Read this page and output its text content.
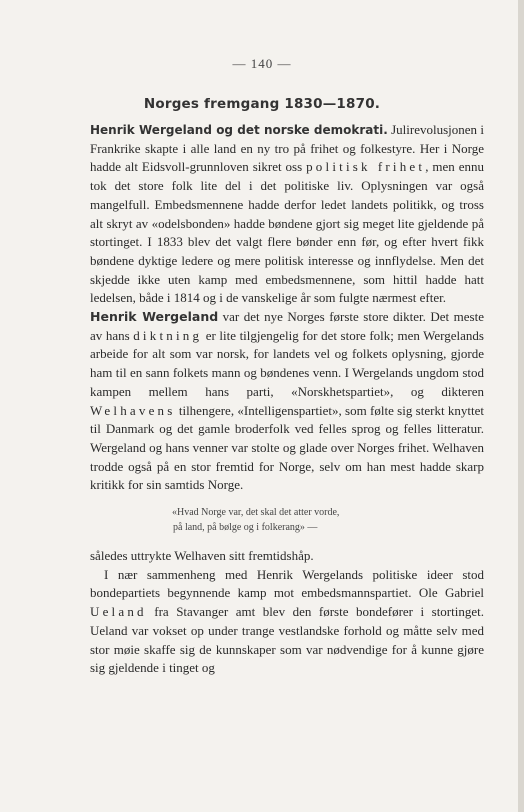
— 140 —
Norges fremgang 1830—1870.

Henrik Wergeland og det norske demokrati. Julirevolusjonen i Frankrike skapte i alle land en ny tro på frihet og folkestyre. Her i Norge hadde alt Eidsvoll-grunnloven sikret oss politisk frihet, men ennu tok det store folk lite del i det politiske liv. Oplysningen var også mangelfull. Embedsmennene hadde derfor ledet landets politikk, og tross alt skryt av «odelsbonden» hadde bøndene gjort sig meget lite gjeldende på stortinget. I 1833 blev det valgt flere bønder enn før, og efter hvert fikk bøndene dyktige ledere og mere politisk interesse og innflydelse. Men det skjedde ikke uten kamp med embedsmennene, som hittil hadde hatt ledelsen, både i 1814 og i de vanskelige år som fulgte nærmest efter.

Henrik Wergeland var det nye Norges første store dikter. Det meste av hans diktning er lite tilgjengelig for det store folk; men Wergelands arbeide for alt som var norsk, for landets vel og folkets oplysning, gjorde ham til en sann folkets mann og bøndenes venn. I Wergelands ungdom stod kampen mellem hans parti, «Norskhetspartiet», og dikteren Welhavens tilhengere, «Intelligenspartiet», som følte sig sterkt knyttet til Danmark og det gamle broderfolk ved felles sprog og felles litteratur. Wergeland og hans venner var stolte og glade over Norges frihet. Welhaven trodde også på en stor fremtid for Norge, selv om han mest hadde skarp kritikk for sin samtids Norge.

«Hvad Norge var, det skal det atter vorde,
på land, på bølge og i folkerang» —

således uttrykte Welhaven sitt fremtidshåp.

I nær sammenheng med Henrik Wergelands politiske ideer stod bondepartiets begynnende kamp mot embedsmannspartiet. Ole Gabriel Ueland fra Stavanger amt blev den første bondefører i stortinget. Ueland var vokset op under trange vestlandske forhold og måtte selv med stor møie skaffe sig de kunnskaper som var nødvendige for å kunne gjøre sig gjeldende i tinget og
